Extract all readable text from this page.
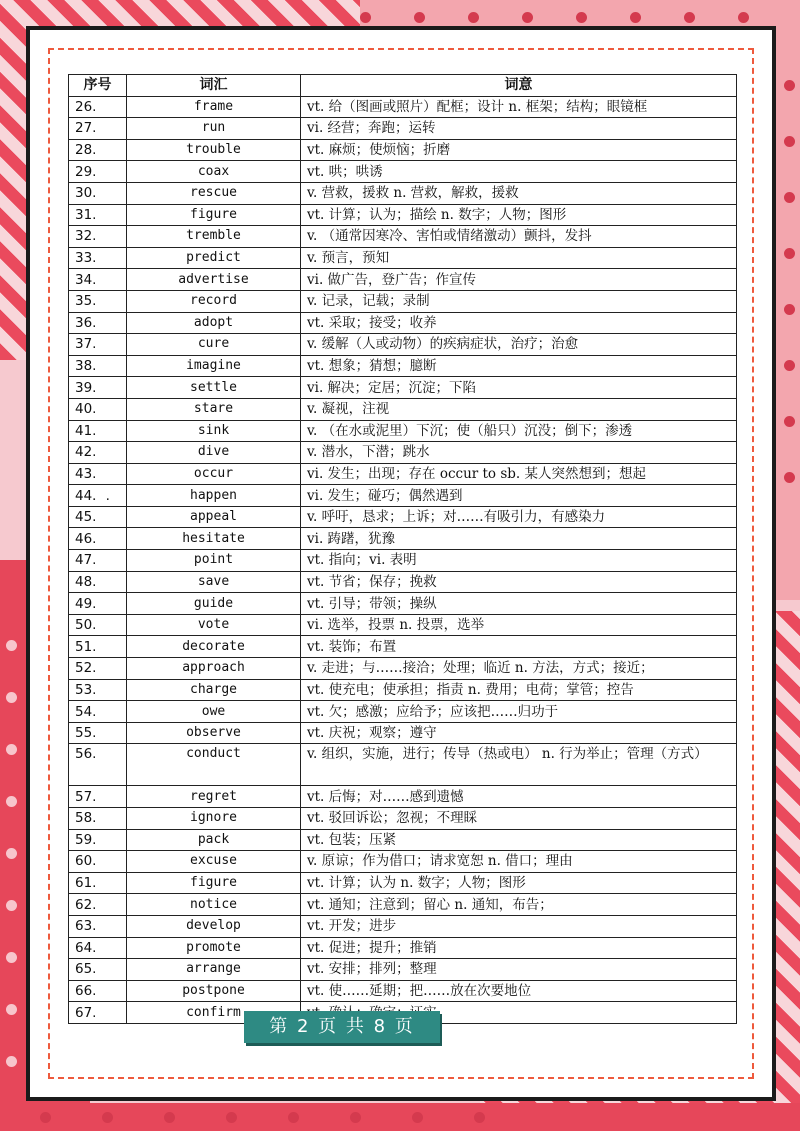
序号	词汇	词意
26.	frame	vt. 给（图画或照片）配框；设计 n. 框架；结构；眼镜框
27.	run	vi. 经营；奔跑；运转
28.	trouble	vt. 麻烦；使烦恼；折磨
29.	coax	vt. 哄；哄诱
30.	rescue	v. 营救，援救 n. 营救，解救，援救
31.	figure	vt. 计算；认为；描绘 n. 数字；人物；图形
32.	tremble	v. （通常因寒冷、害怕或情绪激动）颤抖，发抖
33.	predict	v. 预言，预知
34.	advertise	vi. 做广告，登广告；作宣传
35.	record	v. 记录，记载；录制
36.	adopt	vt. 采取；接受；收养
37.	cure	v. 缓解（人或动物）的疾病症状，治疗；治愈
38.	imagine	vt. 想象；猜想；臆断
39.	settle	vi. 解决；定居；沉淀；下陷
40.	stare	v. 凝视，注视
41.	sink	v. （在水或泥里）下沉；使（船只）沉没；倒下；渗透
42.	dive	v. 潜水，下潜；跳水
43.	occur	vi. 发生；出现；存在 occur to sb. 某人突然想到；想起
44．.	happen	vi. 发生；碰巧；偶然遇到
45.	appeal	v. 呼吁，恳求；上诉；对……有吸引力，有感染力
46.	hesitate	vi. 踌躇，犹豫
47.	point	vt. 指向；vi. 表明
48.	save	vt. 节省；保存；挽救
49.	guide	vt. 引导；带领；操纵
50.	vote	vi. 选举，投票 n. 投票，选举
51.	decorate	vt. 装饰；布置
52.	approach	v. 走进；与……接洽；处理；临近 n. 方法，方式；接近；
53.	charge	vt. 使充电；使承担；指责 n. 费用；电荷；掌管；控告
54.	owe	vt. 欠；感激；应给予；应该把……归功于
55.	observe	vt. 庆祝；观察；遵守
56.	conduct	v. 组织，实施，进行；传导（热或电） n. 行为举止；管理（方式）
57.	regret	vt. 后悔；对……感到遗憾
58.	ignore	vt. 驳回诉讼；忽视；不理睬
59.	pack	vt. 包装；压紧
60.	excuse	v. 原谅；作为借口；请求宽恕 n. 借口；理由
61.	figure	vt. 计算；认为 n. 数字；人物；图形
62.	notice	vt. 通知；注意到；留心 n. 通知，布告；
63.	develop	vt. 开发；进步
64.	promote	vt. 促进；提升；推销
65.	arrange	vt. 安排；排列；整理
66.	postpone	vt. 使……延期；把……放在次要地位
67.	confirm	
第 2 页 共 8 页
